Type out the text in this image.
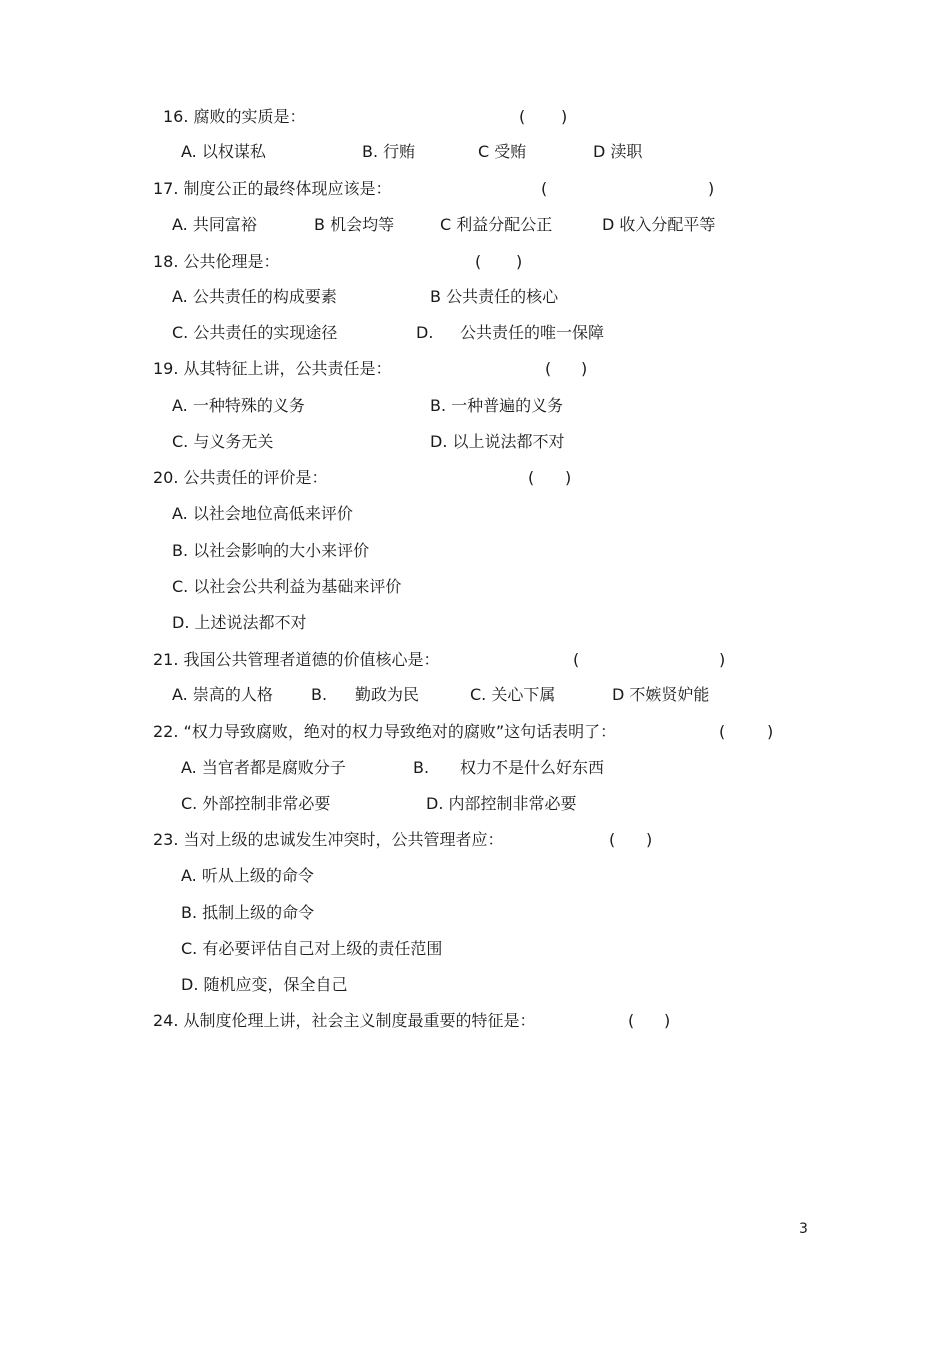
16. 腐败的实质是：	( )
A. 以权谋私	B. 行贿	C 受贿	D 渎职
17. 制度公正的最终体现应该是：	(	)
A. 共同富裕	B 机会均等	C 利益分配公正	D 收入分配平等
18. 公共伦理是：	( )
A. 公共责任的构成要素	B 公共责任的核心
C. 公共责任的实现途径	D. 公共责任的唯一保障
19. 从其特征上讲，公共责任是：	( )
A. 一种特殊的义务	B. 一种普遍的义务
C. 与义务无关	D. 以上说法都不对
20. 公共责任的评价是：	( )
A. 以社会地位高低来评价
B. 以社会影响的大小来评价
C. 以社会公共利益为基础来评价
D. 上述说法都不对
21. 我国公共管理者道德的价值核心是：	(	)
A. 崇高的人格 B. 勤政为民	C. 关心下属	D 不嫉贤妒能
22. “权力导致腐败，绝对的权力导致绝对的腐败”这句话表明了：	(	)
A. 当官者都是腐败分子	B. 权力不是什么好东西
C. 外部控制非常必要	D. 内部控制非常必要
23. 当对上级的忠诚发生冲突时，公共管理者应：	( )
A. 听从上级的命令
B. 抵制上级的命令
C. 有必要评估自己对上级的责任范围
D. 随机应变，保全自己
24. 从制度伦理上讲，社会主义制度最重要的特征是：	( )
3
